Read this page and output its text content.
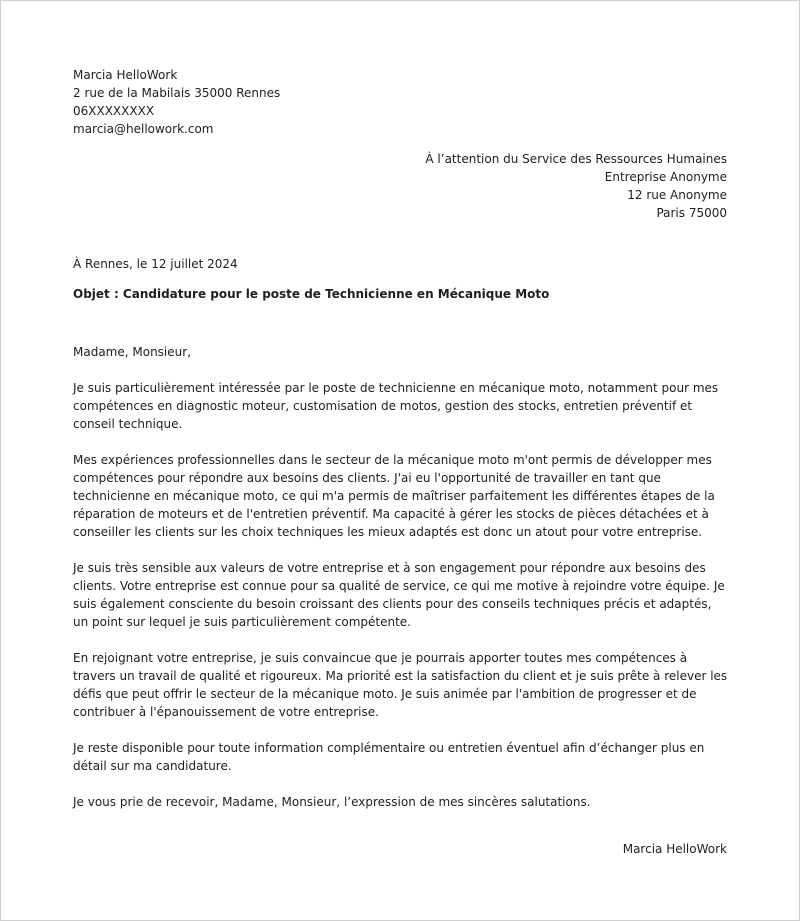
Marcia HelloWork
2 rue de la Mabilais 35000 Rennes
06XXXXXXXX
marcia@hellowork.com
À l’attention du Service des Ressources Humaines
Entreprise Anonyme
12 rue Anonyme
Paris 75000
À Rennes, le 12 juillet 2024
Objet : Candidature pour le poste de Technicienne en Mécanique Moto

Madame, Monsieur,

Je suis particulièrement intéressée par le poste de technicienne en mécanique moto, notamment pour mes compétences en diagnostic moteur, customisation de motos, gestion des stocks, entretien préventif et conseil technique.

Mes expériences professionnelles dans le secteur de la mécanique moto m'ont permis de développer mes compétences pour répondre aux besoins des clients. J'ai eu l'opportunité de travailler en tant que technicienne en mécanique moto, ce qui m'a permis de maîtriser parfaitement les différentes étapes de la réparation de moteurs et de l'entretien préventif. Ma capacité à gérer les stocks de pièces détachées et à conseiller les clients sur les choix techniques les mieux adaptés est donc un atout pour votre entreprise.

Je suis très sensible aux valeurs de votre entreprise et à son engagement pour répondre aux besoins des clients. Votre entreprise est connue pour sa qualité de service, ce qui me motive à rejoindre votre équipe. Je suis également consciente du besoin croissant des clients pour des conseils techniques précis et adaptés, un point sur lequel je suis particulièrement compétente.

En rejoignant votre entreprise, je suis convaincue que je pourrais apporter toutes mes compétences à travers un travail de qualité et rigoureux. Ma priorité est la satisfaction du client et je suis prête à relever les défis que peut offrir le secteur de la mécanique moto. Je suis animée par l'ambition de progresser et de contribuer à l'épanouissement de votre entreprise.

Je reste disponible pour toute information complémentaire ou entretien éventuel afin d’échanger plus en détail sur ma candidature.

Je vous prie de recevoir, Madame, Monsieur, l’expression de mes sincères salutations.

Marcia HelloWork
